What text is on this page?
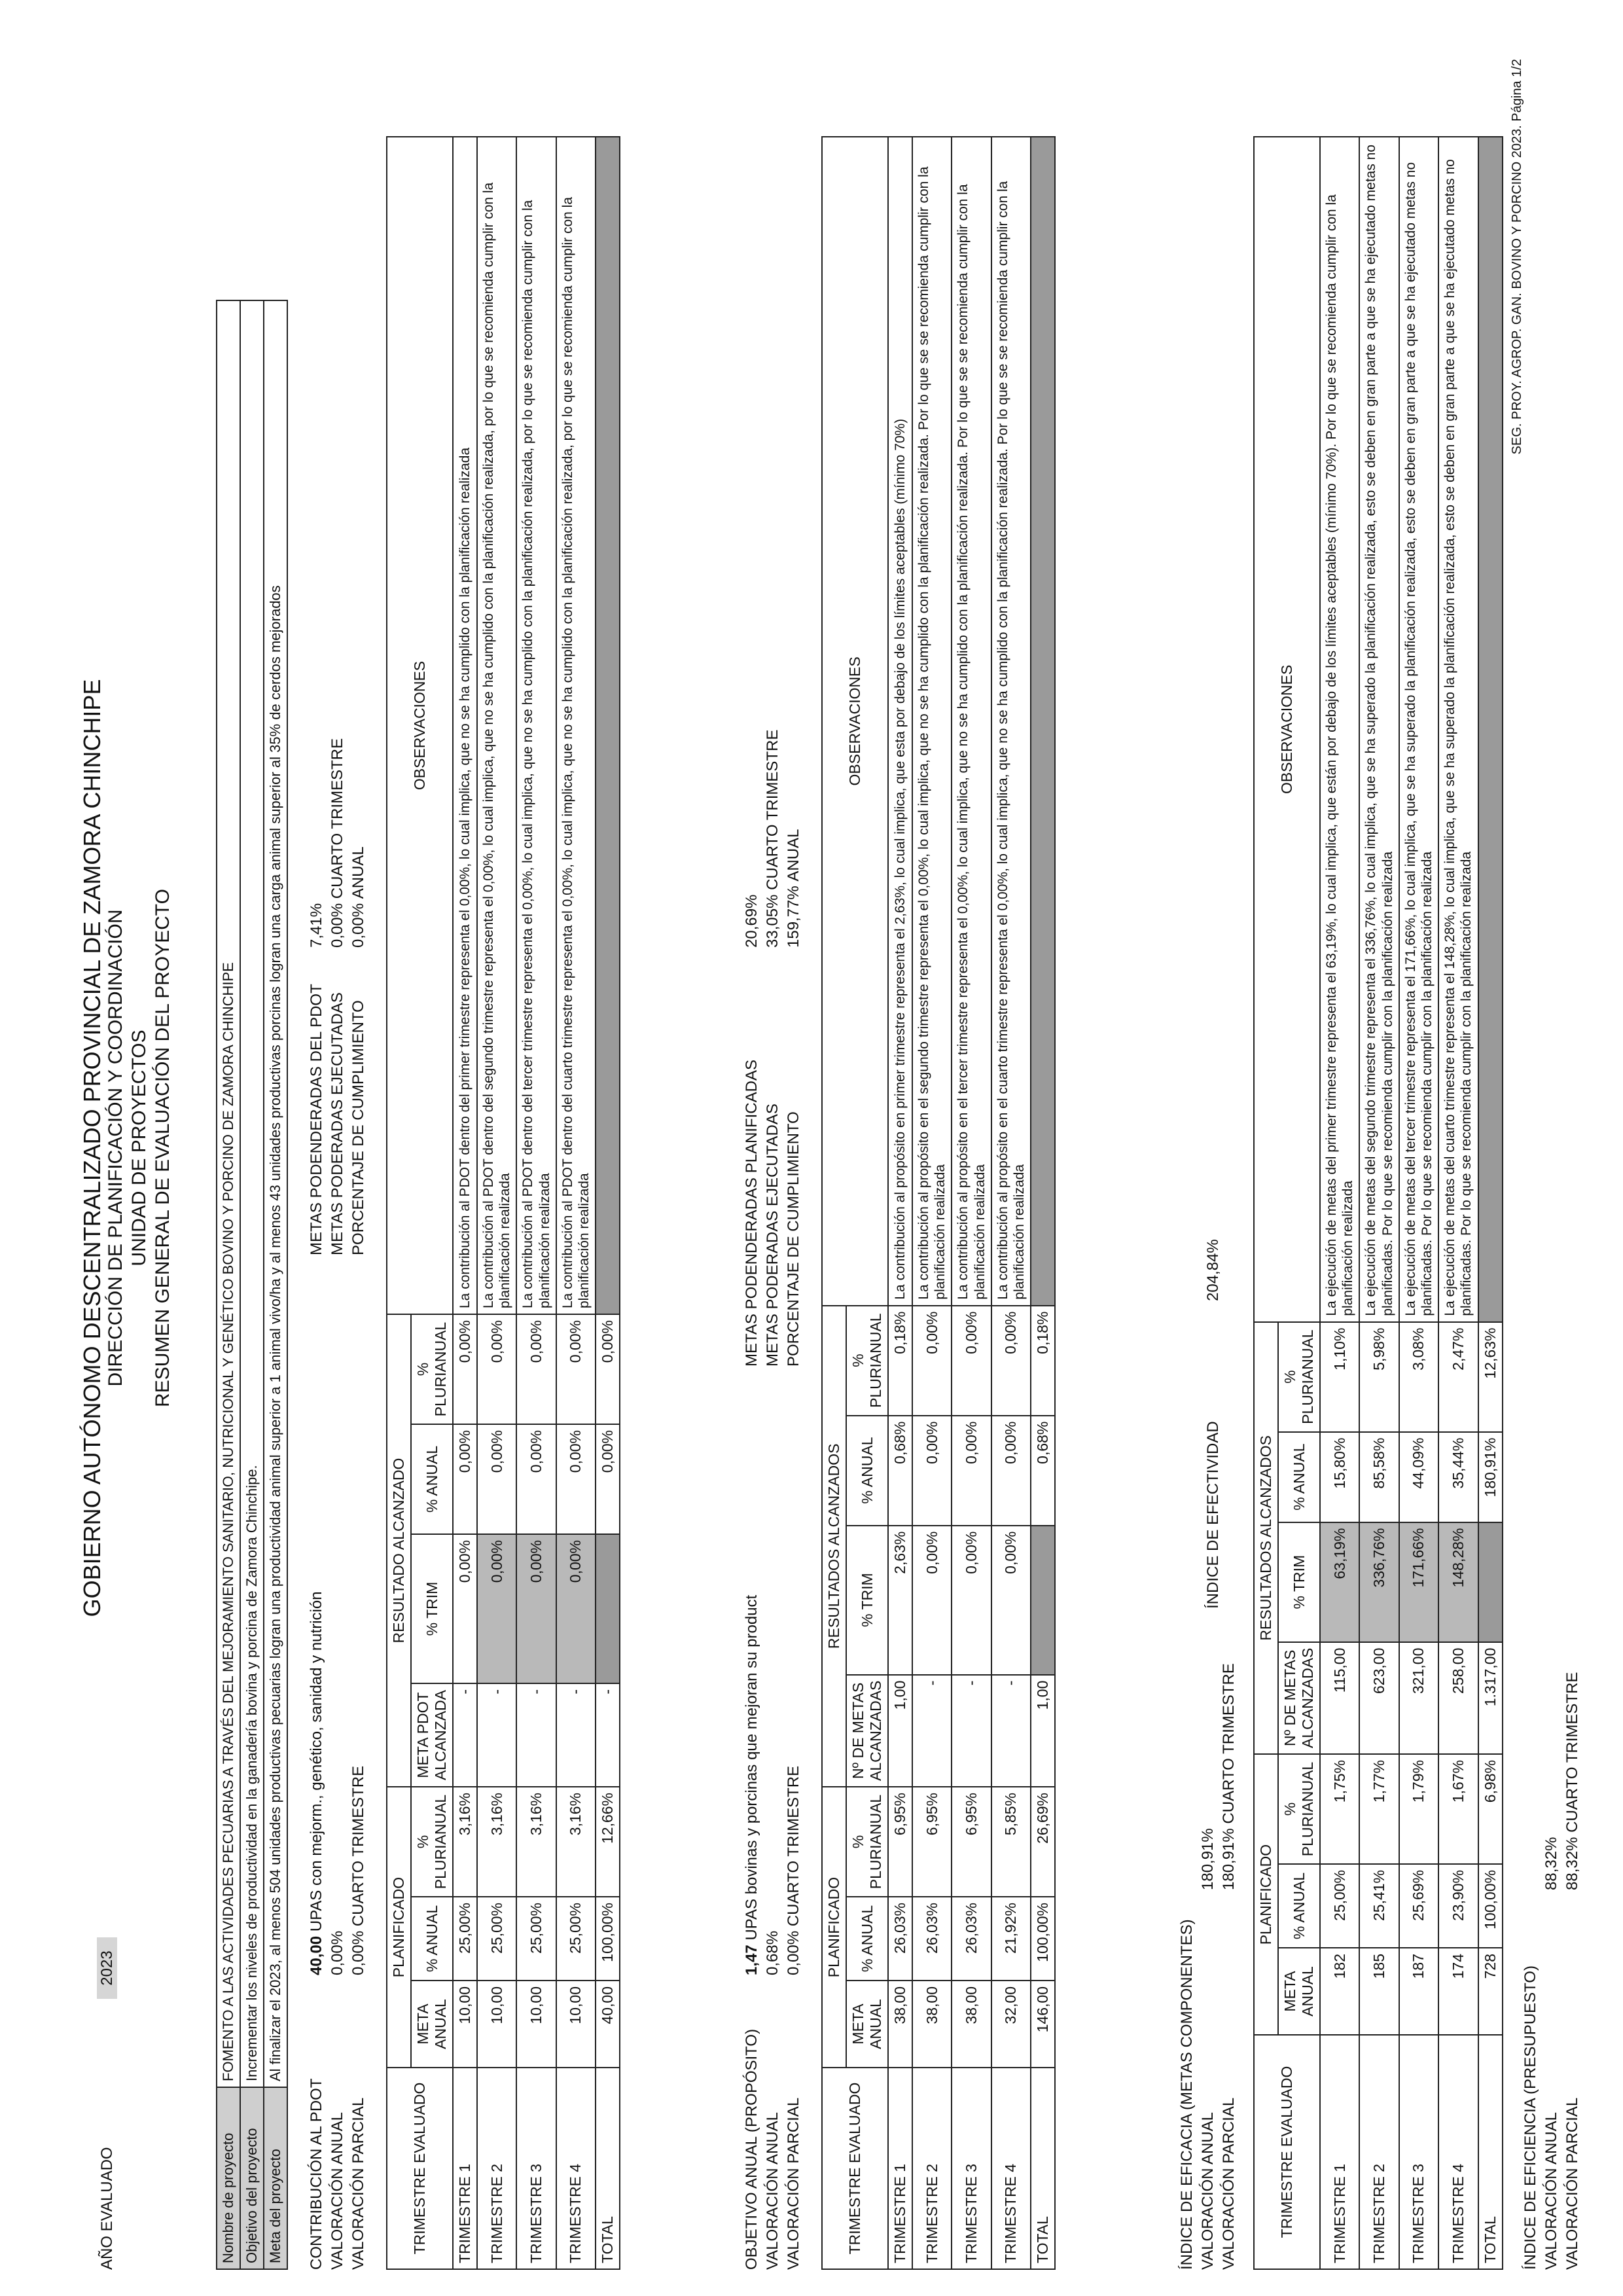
GOBIERNO AUTÓNOMO DESCENTRALIZADO PROVINCIAL DE ZAMORA CHINCHIPE DIRECCIÓN DE PLANIFICACIÓN Y COORDINACIÓN UNIDAD DE PROYECTOS RESUMEN GENERAL DE EVALUACIÓN DEL PROYECTO
AÑO EVALUADO 2023
Nombre de proyecto	FOMENTO A LAS ACTIVIDADES PECUARIAS A TRAVÉS DEL MEJORAMIENTO SANITARIO, NUTRICIONAL Y GENÉTICO BOVINO Y PORCINO DE ZAMORA CHINCHIPE
Objetivo del proyecto	Incrementar los niveles de productividad en la ganadería bovina y porcina de Zamora Chinchipe.
Meta del proyecto	Al finalizar el 2023, al menos 504 unidades productivas pecuarias logran una productividad animal superior a 1 animal vivo/ha y al menos 43 unidades productivas porcinas logran una carga animal superior al 35% de cerdos mejorados
CONTRIBUCIÓN AL PDOT VALORACIÓN ANUAL VALORACIÓN PARCIAL
40,00 UPAS con mejorm., genético, sanidad y nutrición
0,00% 0,00% CUARTO TRIMESTRE
METAS PODENDERADAS DEL PDOT METAS PODERADAS EJECUTADAS PORCENTAJE DE CUMPLIMIENTO
7,41% 0,00% CUARTO TRIMESTRE
0,00% ANUAL
TRIMESTRE EVALUADO	PLANIFICADO			RESULTADO ALCANZADO				OBSERVACIONES
	META ANUAL	% ANUAL	% PLURIANUAL	META PDOT ALCANZADA	% TRIM	% ANUAL	% PLURIANUAL	
TRIMESTRE 1	10,00	25,00%	3,16%	-	0,00%	0,00%	0,00%	La contribución al PDOT dentro del primer trimestre representa el 0,00%, lo cual implica, que no se ha cumplido con la planificación realizada
TRIMESTRE 2	10,00	25,00%	3,16%	-	0,00%	0,00%	0,00%	La contribución al PDOT dentro del segundo trimestre representa el 0,00%, lo cual implica, que no se ha cumplido con la planificación realizada, por lo que se recomienda cumplir con la planificación realizada
TRIMESTRE 3	10,00	25,00%	3,16%	-	0,00%	0,00%	0,00%	La contribución al PDOT dentro del tercer trimestre representa el 0,00%, lo cual implica, que no se ha cumplido con la planificación realizada, por lo que se recomienda cumplir con la planificación realizada
TRIMESTRE 4	10,00	25,00%	3,16%	-	0,00%	0,00%	0,00%	La contribución al PDOT dentro del cuarto trimestre representa el 0,00%, lo cual implica, que no se ha cumplido con la planificación realizada, por lo que se recomienda cumplir con la planificación realizada
TOTAL	40,00	100,00%	12,66%	-		0,00%	0,00%	
OBJETIVO ANUAL (PROPÓSITO) VALORACIÓN ANUAL VALORACIÓN PARCIAL
1,47 UPAS bovinas y porcinas que mejoran su product
0,68% 0,00% CUARTO TRIMESTRE
METAS PODENDERADAS PLANIFICADAS METAS PODERADAS EJECUTADAS PORCENTAJE DE CUMPLIMIENTO
20,69% 33,05% CUARTO TRIMESTRE
159,77% ANUAL
TRIMESTRE EVALUADO	PLANIFICADO			RESULTADOS ALCANZADOS				OBSERVACIONES
	META ANUAL	% ANUAL	% PLURIANUAL	Nº DE METAS ALCANZADAS	% TRIM	% ANUAL	% PLURIANUAL	
TRIMESTRE 1	38,00	26,03%	6,95%	1,00	2,63%	0,68%	0,18%	La contribución al propósito en primer trimestre representa el 2,63%, lo cual implica, que esta por debajo de los límites aceptables (mínimo 70%)
TRIMESTRE 2	38,00	26,03%	6,95%	-	0,00%	0,00%	0,00%	La contribución al propósito en el segundo trimestre representa el 0,00%, lo cual implica, que no se ha cumplido con la planificación realizada. Por lo que se se recomienda cumplir con la planificación realizada
TRIMESTRE 3	38,00	26,03%	6,95%	-	0,00%	0,00%	0,00%	La contribución al propósito en el tercer trimestre representa el 0,00%, lo cual implica, que no se ha cumplido con la planificación realizada. Por lo que se se recomienda cumplir con la planificación realizada
TRIMESTRE 4	32,00	21,92%	5,85%	-	0,00%	0,00%	0,00%	La contribución al propósito en el cuarto trimestre representa el 0,00%, lo cual implica, que no se ha cumplido con la planificación realizada. Por lo que se se recomienda cumplir con la planificación realizada
TOTAL	146,00	100,00%	26,69%	1,00		0,68%	0,18%	
ÍNDICE DE EFICACIA (METAS COMPONENTES) VALORACIÓN ANUAL VALORACIÓN PARCIAL
180,91% 180,91% CUARTO TRIMESTRE
ÍNDICE DE EFECTIVIDAD
204,84%
TRIMESTRE EVALUADO	PLANIFICADO			RESULTADOS ALCANZADOS				OBSERVACIONES
	META ANUAL	% ANUAL	% PLURIANUAL	Nº DE METAS ALCANZADAS	% TRIM	% ANUAL	% PLURIANUAL	
TRIMESTRE 1	182	25,00%	1,75%	115,00	63,19%	15,80%	1,10%	La ejecución de metas del primer trimestre representa el 63,19%, lo cual implica, que están por debajo de los límites aceptables (mínimo 70%). Por lo que se recomienda cumplir con la planificación realizada
TRIMESTRE 2	185	25,41%	1,77%	623,00	336,76%	85,58%	5,98%	La ejecución de metas del segundo trimestre representa el 336,76%, lo cual implica, que se ha superado la planificación realizada, esto se deben en gran parte a que se ha ejecutado metas no planificadas. Por lo que se recomienda cumplir con la planificación realizada
TRIMESTRE 3	187	25,69%	1,79%	321,00	171,66%	44,09%	3,08%	La ejecución de metas del tercer trimestre representa el 171,66%, lo cual implica, que se ha superado la planificación realizada, esto se deben en gran parte a que se ha ejecutado metas no planificadas. Por lo que se recomienda cumplir con la planificación realizada
TRIMESTRE 4	174	23,90%	1,67%	258,00	148,28%	35,44%	2,47%	La ejecución de metas del cuarto trimestre representa el 148,28%, lo cual implica, que se ha superado la planificación realizada, esto se deben en gran parte a que se ha ejecutado metas no planificadas. Por lo que se recomienda cumplir con la planificación realizada
TOTAL	728	100,00%	6,98%	1.317,00		180,91%	12,63%	
ÍNDICE DE EFICIENCIA (PRESUPUESTO) VALORACIÓN ANUAL VALORACIÓN PARCIAL
88,32% 88,32% CUARTO TRIMESTRE
SEG. PROY. AGROP. GAN. BOVINO Y PORCINO 2023. Página 1/2
